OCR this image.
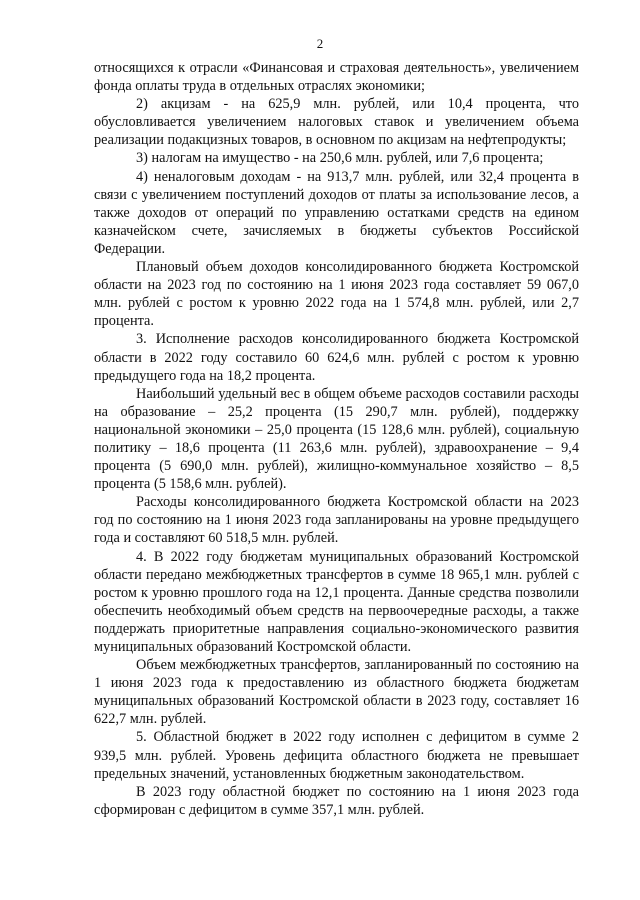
2

относящихся к отрасли «Финансовая и страховая деятельность», увеличением фонда оплаты труда в отдельных отраслях экономики;

2) акцизам - на 625,9 млн. рублей, или 10,4 процента, что обусловливается увеличением налоговых ставок и увеличением объема реализации подакцизных товаров, в основном по акцизам на нефтепродукты;

3) налогам на имущество - на 250,6 млн. рублей, или 7,6 процента;

4) неналоговым доходам - на 913,7 млн. рублей, или 32,4 процента в связи с увеличением поступлений доходов от платы за использование лесов, а также доходов от операций по управлению остатками средств на едином казначейском счете, зачисляемых в бюджеты субъектов Российской Федерации.

Плановый объем доходов консолидированного бюджета Костромской области на 2023 год по состоянию на 1 июня 2023 года составляет 59 067,0 млн. рублей с ростом к уровню 2022 года на 1 574,8 млн. рублей, или 2,7 процента.

3. Исполнение расходов консолидированного бюджета Костромской области в 2022 году составило 60 624,6 млн. рублей с ростом к уровню предыдущего года на 18,2 процента.

Наибольший удельный вес в общем объеме расходов составили расходы на образование – 25,2 процента (15 290,7 млн. рублей), поддержку национальной экономики – 25,0 процента (15 128,6 млн. рублей), социальную политику – 18,6 процента (11 263,6 млн. рублей), здравоохранение – 9,4 процента (5 690,0 млн. рублей), жилищно-коммунальное хозяйство – 8,5 процента (5 158,6 млн. рублей).

Расходы консолидированного бюджета Костромской области на 2023 год по состоянию на 1 июня 2023 года запланированы на уровне предыдущего года и составляют 60 518,5 млн. рублей.

4. В 2022 году бюджетам муниципальных образований Костромской области передано межбюджетных трансфертов в сумме 18 965,1 млн. рублей с ростом к уровню прошлого года на 12,1 процента. Данные средства позволили обеспечить необходимый объем средств на первоочередные расходы, а также поддержать приоритетные направления социально-экономического развития муниципальных образований Костромской области.

Объем межбюджетных трансфертов, запланированный по состоянию на 1 июня 2023 года к предоставлению из областного бюджета бюджетам муниципальных образований Костромской области в 2023 году, составляет 16 622,7 млн. рублей.

5. Областной бюджет в 2022 году исполнен с дефицитом в сумме 2 939,5 млн. рублей. Уровень дефицита областного бюджета не превышает предельных значений, установленных бюджетным законодательством.

В 2023 году областной бюджет по состоянию на 1 июня 2023 года сформирован с дефицитом в сумме 357,1 млн. рублей.
